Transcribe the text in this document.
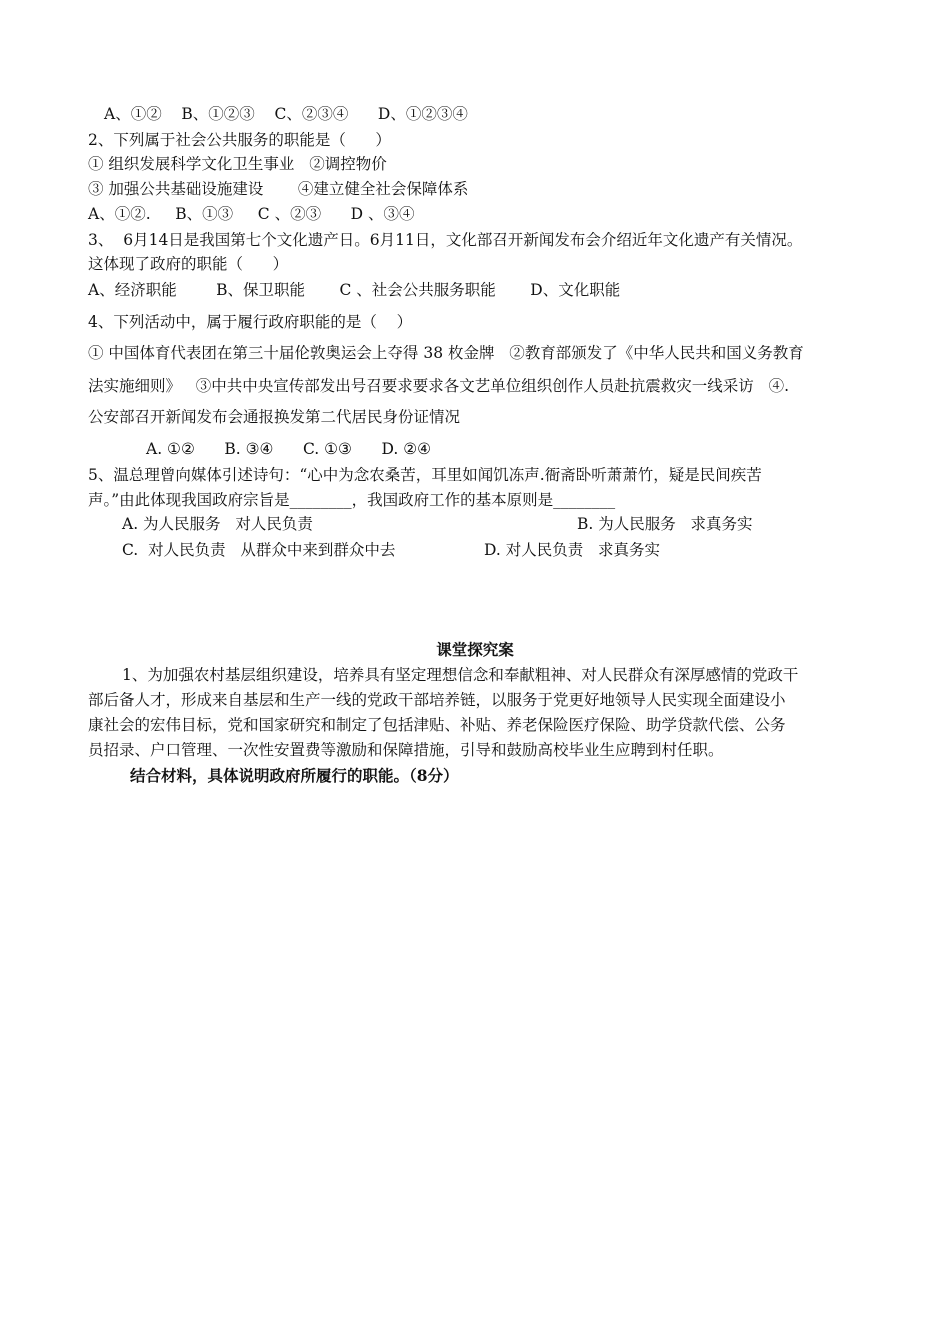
A、①②    B、①②③    C、②③④      D、①②③④
2、下列属于社会公共服务的职能是（      ）
① 组织发展科学文化卫生事业   ②调控物价
③ 加强公共基础设施建设       ④建立健全社会保障体系
A、①②.     B、①③     C 、②③      D 、③④
3、  6月14日是我国第七个文化遗产日。6月11日，文化部召开新闻发布会介绍近年文化遗产有关情况。
这体现了政府的职能（      ）
A、经济职能        B、保卫职能       C 、社会公共服务职能       D、文化职能
4、下列活动中，属于履行政府职能的是（    ）
① 中国体育代表团在第三十届伦敦奥运会上夺得 38 枚金牌   ②教育部颁发了《中华人民共和国义务教育
法实施细则》   ③中共中央宣传部发出号召要求要求各文艺单位组织创作人员赴抗震救灾一线采访   ④.
公安部召开新闻发布会通报换发第二代居民身份证情况
A. ①②      B. ③④      C. ①③      D. ②④
5、温总理曾向媒体引述诗句：“心中为念农桑苦，耳里如闻饥冻声.衙斋卧听萧萧竹，疑是民间疾苦
声。”由此体现我国政府宗旨是________，我国政府工作的基本原则是________
A. 为人民服务   对人民负责	B. 为人民服务   求真务实
C.  对人民负责   从群众中来到群众中去	D. 对人民负责   求真务实
课堂探究案
1、为加强农村基层组织建设，培养具有坚定理想信念和奉献粗神、对人民群众有深厚感情的党政干
部后备人才，形成来自基层和生产一线的党政干部培养链，以服务于党更好地领导人民实现全面建设小
康社会的宏伟目标，党和国家研究和制定了包括津贴、补贴、养老保险医疗保险、助学贷款代偿、公务
员招录、户口管理、一次性安置费等激励和保障措施，引导和鼓励高校毕业生应聘到村任职。
结合材料，具体说明政府所履行的职能。（8分）
